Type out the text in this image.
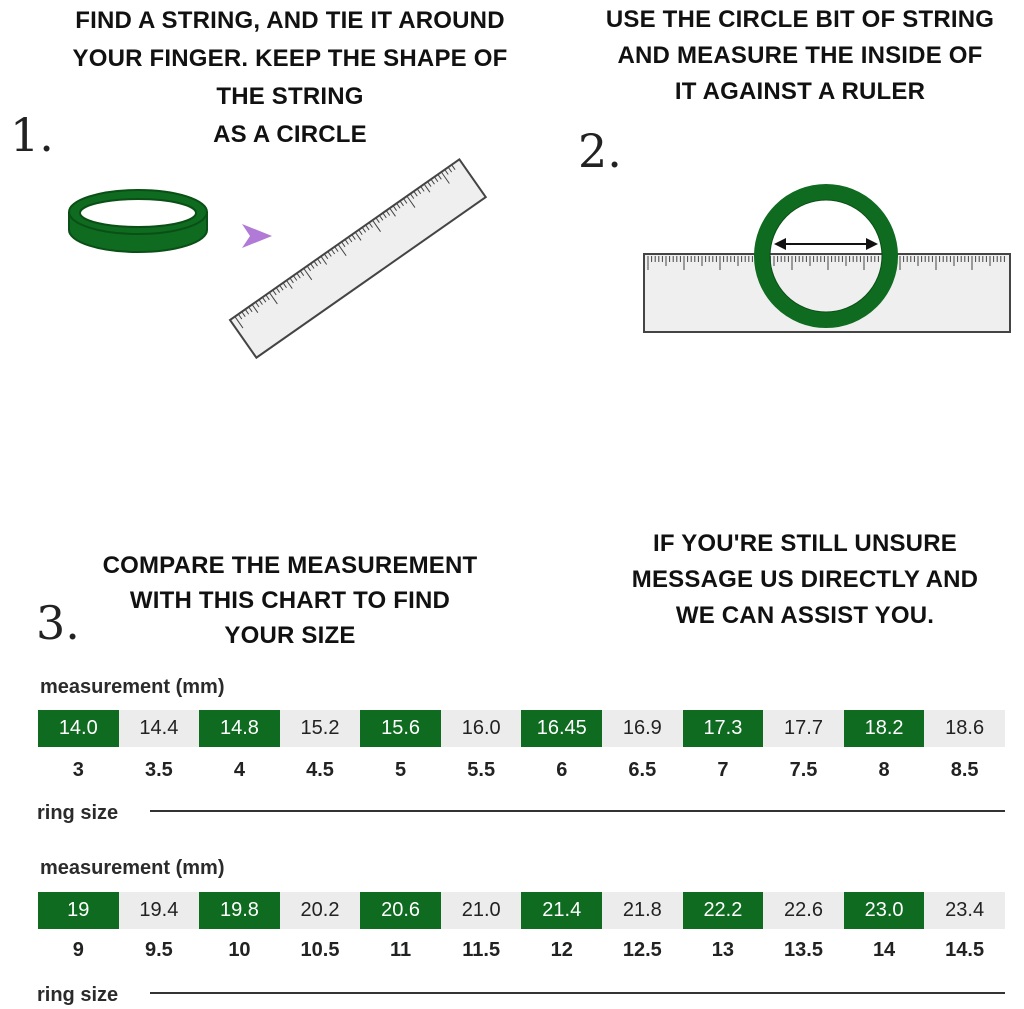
FIND A STRING, AND TIE IT AROUND
YOUR FINGER. KEEP THE SHAPE OF
THE STRING
AS A CIRCLE
1.
USE THE CIRCLE BIT OF STRING
AND MEASURE THE INSIDE OF
IT AGAINST A RULER
2.
COMPARE THE MEASUREMENT
WITH THIS CHART TO FIND
YOUR SIZE
3.
IF YOU'RE STILL UNSURE
MESSAGE US DIRECTLY AND
WE CAN ASSIST YOU.
measurement (mm)
14.0	14.4	14.8	15.2	15.6	16.0	16.45	16.9	17.3	17.7	18.2	18.6
3	3.5	4	4.5	5	5.5	6	6.5	7	7.5	8	8.5
ring size
measurement (mm)
19	19.4	19.8	20.2	20.6	21.0	21.4	21.8	22.2	22.6	23.0	23.4
9	9.5	10	10.5	11	11.5	12	12.5	13	13.5	14	14.5
ring size
